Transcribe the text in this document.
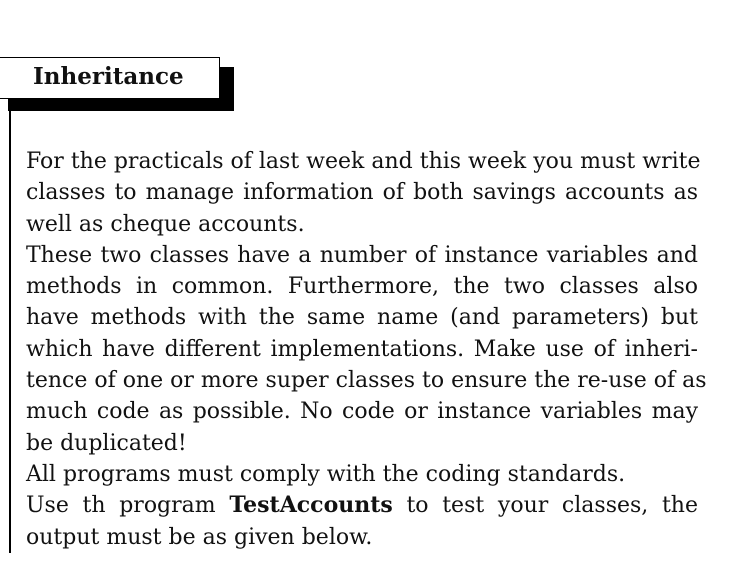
Inheritance
For the practicals of last week and this week you must write
classes to manage information of both savings accounts as
well as cheque accounts.
These two classes have a number of instance variables and
methods in common. Furthermore, the two classes also
have methods with the same name (and parameters) but
which have different implementations. Make use of inheri-
tence of one or more super classes to ensure the re-use of as
much code as possible. No code or instance variables may
be duplicated!
All programs must comply with the coding standards.
Use th program TestAccounts to test your classes, the
output must be as given below.
